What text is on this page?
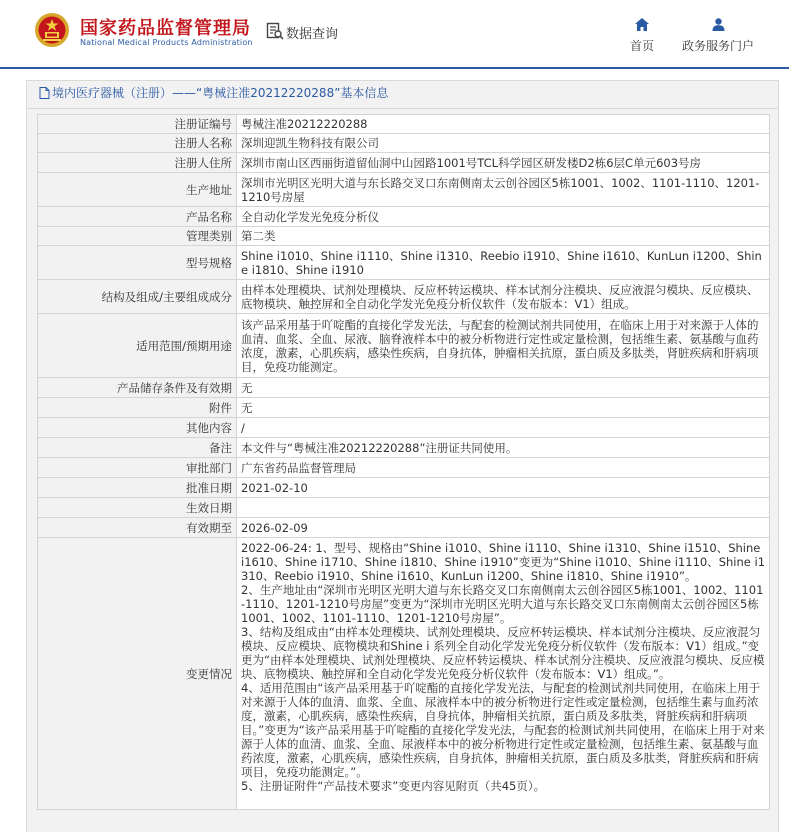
国家药品监督管理局
National Medical Products Administration
数据查询
首页	政务服务门户
境内医疗器械（注册）——“粤械注准20212220288”基本信息
注册证编号	粤械注准20212220288
注册人名称	深圳迎凯生物科技有限公司
注册人住所	深圳市南山区西丽街道留仙洞中山园路1001号TCL科学园区研发楼D2栋6层C单元603号房
生产地址	深圳市光明区光明大道与东长路交叉口东南侧南太云创谷园区5栋1001、1002、1101-1110、1201-1210号房屋
产品名称	全自动化学发光免疫分析仪
管理类别	第二类
型号规格	Shine i1010、Shine i1110、Shine i1310、Reebio i1910、Shine i1610、KunLun i1200、Shine i1810、Shine i1910
结构及组成/主要组成成分	由样本处理模块、试剂处理模块、反应杯转运模块、样本试剂分注模块、反应液混匀模块、反应模块、底物模块、触控屏和全自动化学发光免疫分析仪软件（发布版本：V1）组成。
适用范围/预期用途	该产品采用基于吖啶酯的直接化学发光法，与配套的检测试剂共同使用，在临床上用于对来源于人体的血清、血浆、全血、尿液、脑脊液样本中的被分析物进行定性或定量检测，包括维生素、氨基酸与血药浓度，激素，心肌疾病，感染性疾病，自身抗体，肿瘤相关抗原，蛋白质及多肽类，肾脏疾病和肝病项目，免疫功能测定。
产品储存条件及有效期	无
附件	无
其他内容	/
备注	本文件与“粤械注准20212220288”注册证共同使用。
审批部门	广东省药品监督管理局
批准日期	2021-02-10
生效日期	
有效期至	2026-02-09
变更情况	2022-06-24: 1、型号、规格由“Shine i1010、Shine i1110、Shine i1310、Shine i1510、Shine i1610、Shine i1710、Shine i1810、Shine i1910”变更为“Shine i1010、Shine i1110、Shine i1310、Reebio i1910、Shine i1610、KunLun i1200、Shine i1810、Shine i1910”。
2、生产地址由“深圳市光明区光明大道与东长路交叉口东南侧南太云创谷园区5栋1001、1002、1101-1110、1201-1210号房屋”变更为“深圳市光明区光明大道与东长路交叉口东南侧南太云创谷园区5栋1001、1002、1101-1110、1201-1210号房屋”。
3、结构及组成由“由样本处理模块、试剂处理模块、反应杯转运模块、样本试剂分注模块、反应液混匀模块、反应模块、底物模块和Shine i 系列全自动化学发光免疫分析仪软件（发布版本：V1）组成。”变更为“由样本处理模块、试剂处理模块、反应杯转运模块、样本试剂分注模块、反应液混匀模块、反应模块、底物模块、触控屏和全自动化学发光免疫分析仪软件（发布版本：V1）组成。”。
4、适用范围由“该产品采用基于吖啶酯的直接化学发光法，与配套的检测试剂共同使用，在临床上用于对来源于人体的血清、血浆、全血、尿液样本中的被分析物进行定性或定量检测，包括维生素与血药浓度，激素，心肌疾病，感染性疾病，自身抗体，肿瘤相关抗原，蛋白质及多肽类，肾脏疾病和肝病项目。”变更为“该产品采用基于吖啶酯的直接化学发光法，与配套的检测试剂共同使用，在临床上用于对来源于人体的血清、血浆、全血、尿液样本中的被分析物进行定性或定量检测，包括维生素、氨基酸与血药浓度，激素，心肌疾病，感染性疾病，自身抗体，肿瘤相关抗原，蛋白质及多肽类，肾脏疾病和肝病项目，免疫功能测定。”。
5、注册证附件“产品技术要求”变更内容见附页（共45页）。
